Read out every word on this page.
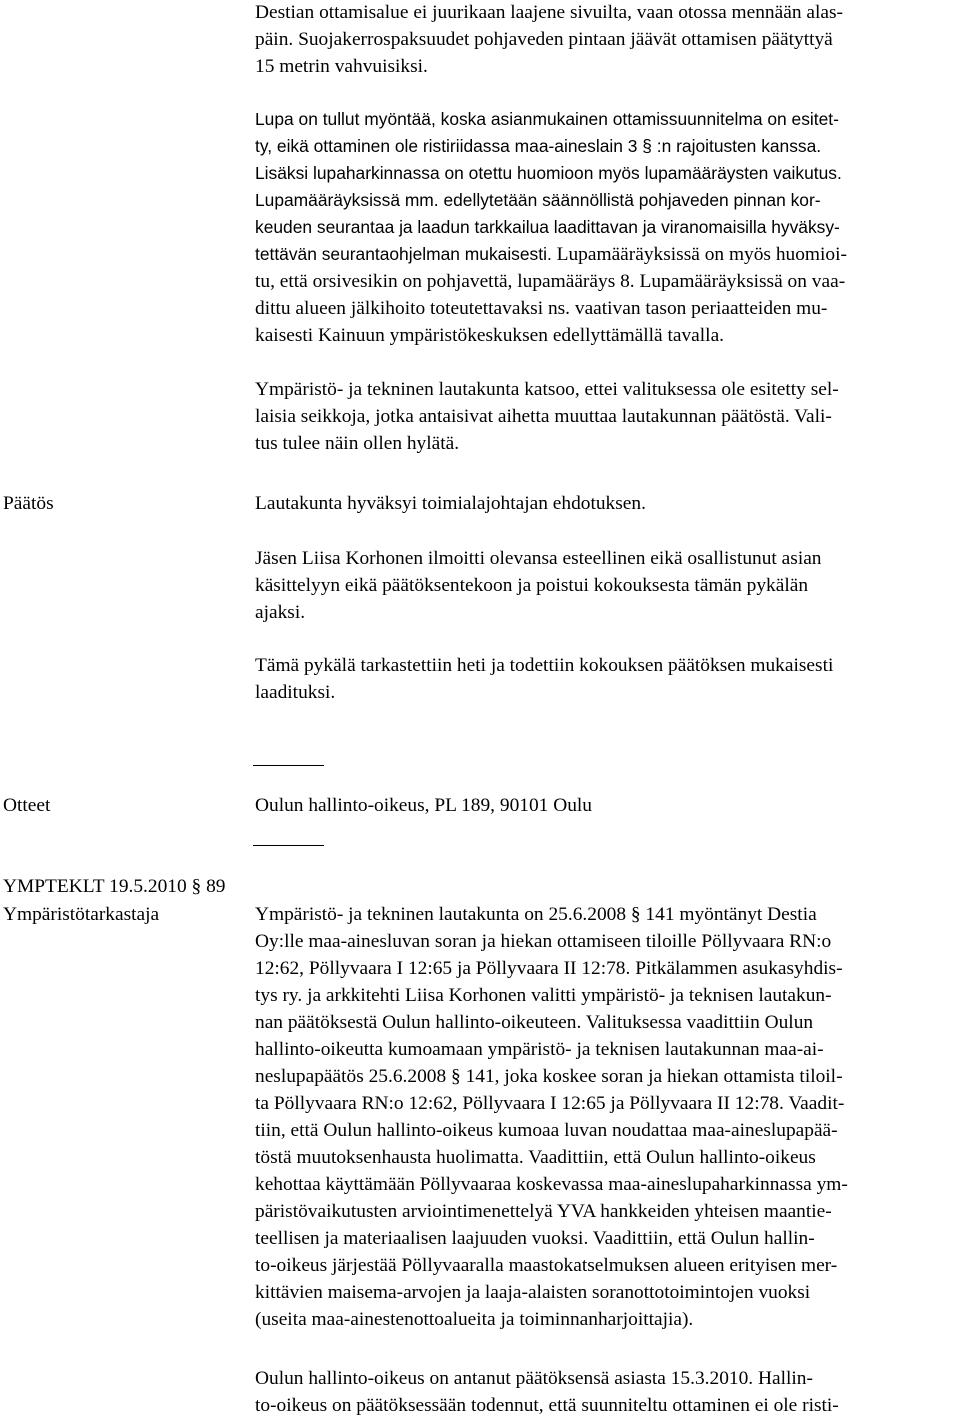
Destian ottamisalue ei juurikaan laajene sivuilta, vaan otossa mennään alas-
päin. Suojakerrospaksuudet pohjaveden pintaan jäävät ottamisen päätyttyä
15 metrin vahvuisiksi.
Lupa on tullut myöntää, koska asianmukainen ottamissuunnitelma on esitet-
ty, eikä ottaminen ole ristiriidassa maa-aineslain 3 § :n rajoitusten kanssa.
Lisäksi lupaharkinnassa on otettu huomioon myös lupamääräysten vaikutus.
Lupamääräyksissä mm. edellytetään säännöllistä pohjaveden pinnan kor-
keuden seurantaa ja laadun tarkkailua laadittavan ja viranomaisilla hyväksy-
tettävän seurantaohjelman mukaisesti. Lupamääräyksissä on myös huomioi-
tu, että orsivesikin on pohjavettä, lupamääräys 8. Lupamääräyksissä on vaa-
dittu alueen jälkihoito toteutettavaksi ns. vaativan tason periaatteiden mu-
kaisesti Kainuun ympäristökeskuksen edellyttämällä tavalla.
Ympäristö- ja tekninen lautakunta katsoo, ettei valituksessa ole esitetty sel-
laisia seikkoja, jotka antaisivat aihetta muuttaa lautakunnan päätöstä. Vali-
tus tulee näin ollen hylätä.
Päätös	Lautakunta hyväksyi toimialajohtajan ehdotuksen.
Jäsen Liisa Korhonen ilmoitti olevansa esteellinen eikä osallistunut asian
käsittelyyn eikä päätöksentekoon ja poistui kokouksesta tämän pykälän
ajaksi.
Tämä pykälä tarkastettiin heti ja todettiin kokouksen päätöksen mukaisesti
laadituksi.
Otteet	Oulun hallinto-oikeus, PL 189, 90101 Oulu
YMPTEKLT 19.5.2010 § 89
Ympäristötarkastaja	Ympäristö- ja tekninen lautakunta on 25.6.2008 § 141 myöntänyt Destia
Oy:lle maa-ainesluvan soran ja hiekan ottamiseen tiloille Pöllyvaara RN:o
12:62, Pöllyvaara I 12:65 ja Pöllyvaara II 12:78. Pitkälammen asukasyhdis-
tys ry. ja arkkitehti Liisa Korhonen valitti ympäristö- ja teknisen lautakun-
nan päätöksestä Oulun hallinto-oikeuteen. Valituksessa vaadittiin Oulun
hallinto-oikeutta kumoamaan ympäristö- ja teknisen lautakunnan maa-ai-
neslupapäätös 25.6.2008 § 141, joka koskee soran ja hiekan ottamista tiloil-
ta Pöllyvaara RN:o 12:62, Pöllyvaara I 12:65 ja Pöllyvaara II 12:78. Vaadit-
tiin, että Oulun hallinto-oikeus kumoaa luvan noudattaa maa-aineslupapää-
töstä muutoksenhausta huolimatta. Vaadittiin, että Oulun hallinto-oikeus
kehottaa käyttämään Pöllyvaaraa koskevassa maa-aineslupaharkinnassa ym-
päristövaikutusten arviointimenettelyä YVA hankkeiden yhteisen maantie-
teellisen ja materiaalisen laajuuden vuoksi. Vaadittiin, että Oulun hallin-
to-oikeus järjestää Pöllyvaaralla maastokatselmuksen alueen erityisen mer-
kittävien maisema-arvojen ja laaja-alaisten soranottotoimintojen vuoksi
(useita maa-ainestenottoalueita ja toiminnanharjoittajia).
Oulun hallinto-oikeus on antanut päätöksensä asiasta 15.3.2010. Hallin-
to-oikeus on päätöksessään todennut, että suunniteltu ottaminen ei ole risti-
